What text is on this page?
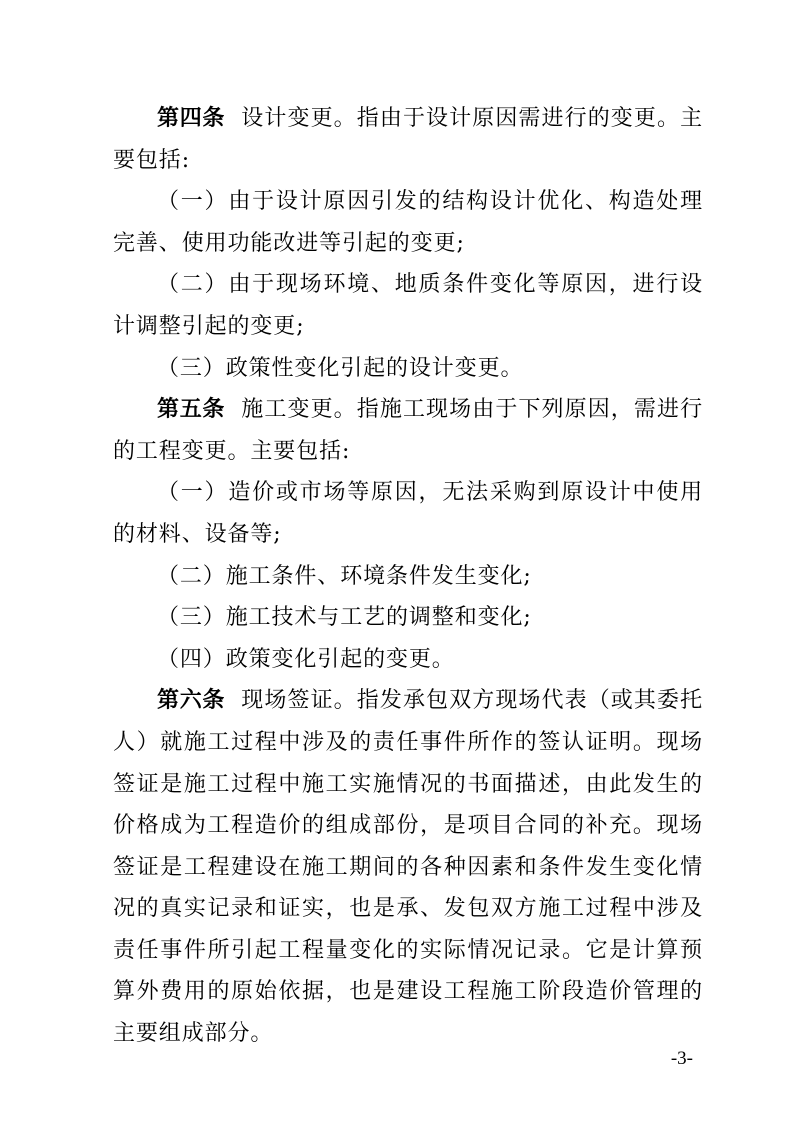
第四条 设计变更。指由于设计原因需进行的变更。主要包括:

（一）由于设计原因引发的结构设计优化、构造处理完善、使用功能改进等引起的变更;

（二）由于现场环境、地质条件变化等原因，进行设计调整引起的变更;

（三）政策性变化引起的设计变更。

第五条 施工变更。指施工现场由于下列原因，需进行的工程变更。主要包括:

（一）造价或市场等原因，无法采购到原设计中使用的材料、设备等;

（二）施工条件、环境条件发生变化;

（三）施工技术与工艺的调整和变化;

（四）政策变化引起的变更。

第六条 现场签证。指发承包双方现场代表（或其委托人）就施工过程中涉及的责任事件所作的签认证明。现场签证是施工过程中施工实施情况的书面描述，由此发生的价格成为工程造价的组成部份，是项目合同的补充。现场签证是工程建设在施工期间的各种因素和条件发生变化情况的真实记录和证实，也是承、发包双方施工过程中涉及责任事件所引起工程量变化的实际情况记录。它是计算预算外费用的原始依据，也是建设工程施工阶段造价管理的主要组成部分。

-3-
